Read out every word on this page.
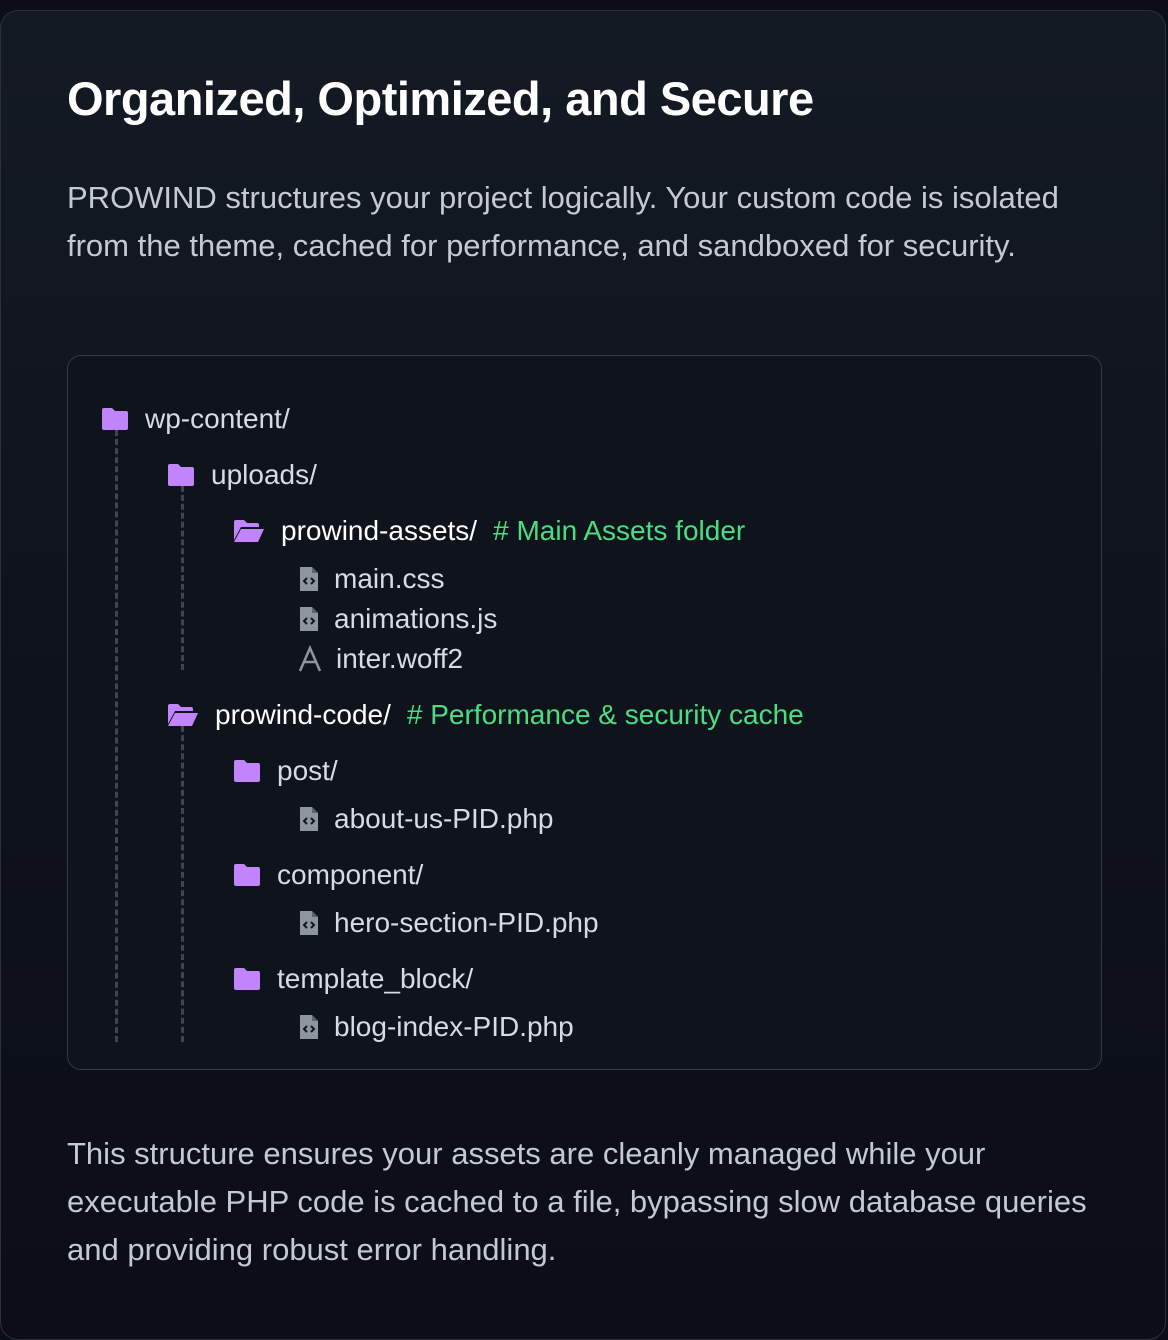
Organized, Optimized, and Secure

PROWIND structures your project logically. Your custom code is isolated from the theme, cached for performance, and sandboxed for security.

wp-content/
uploads/
prowind-assets/ # Main Assets folder
main.css
animations.js
inter.woff2
prowind-code/ # Performance & security cache
post/
about-us-PID.php
component/
hero-section-PID.php
template_block/
blog-index-PID.php

This structure ensures your assets are cleanly managed while your executable PHP code is cached to a file, bypassing slow database queries and providing robust error handling.
